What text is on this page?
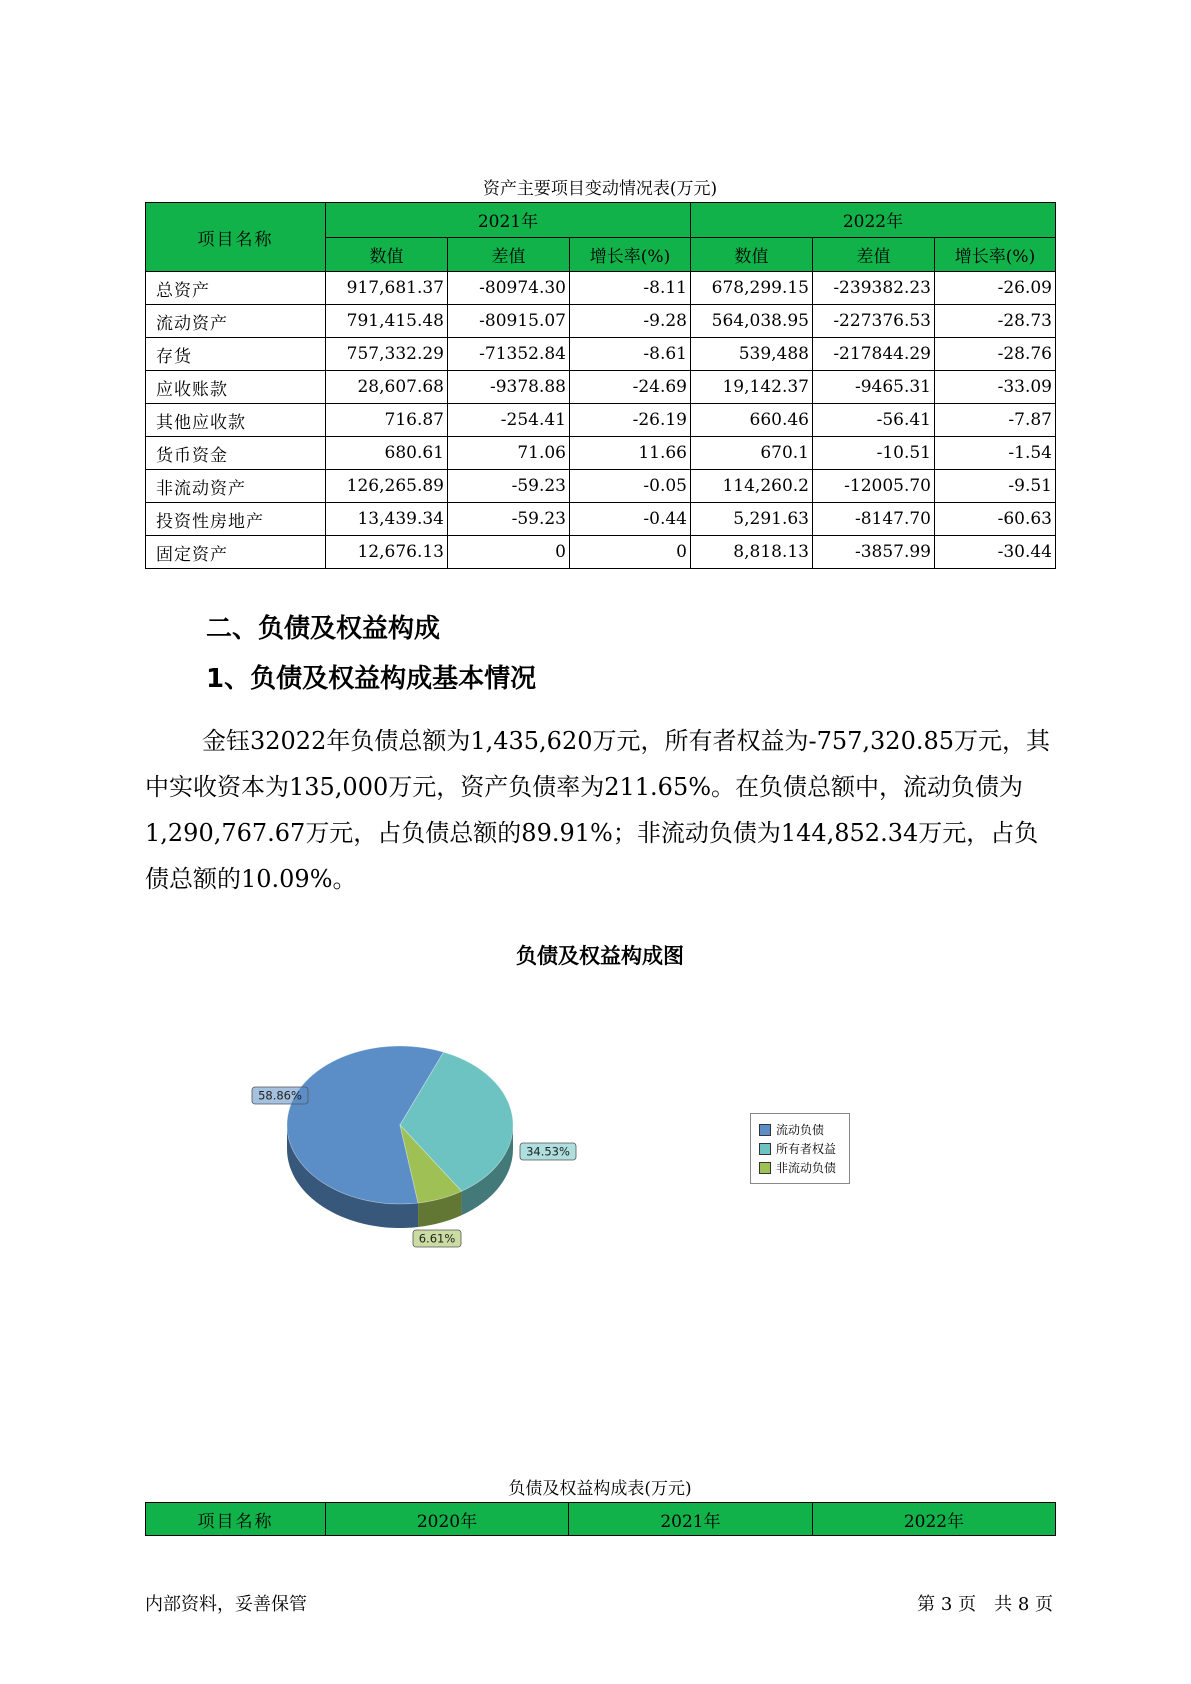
资产主要项目变动情况表(万元)
项目名称	2021年			2022年		
	数值	差值	增长率(%)	数值	差值	增长率(%)
总资产	917,681.37	-80974.30	-8.11	678,299.15	-239382.23	-26.09
流动资产	791,415.48	-80915.07	-9.28	564,038.95	-227376.53	-28.73
存货	757,332.29	-71352.84	-8.61	539,488	-217844.29	-28.76
应收账款	28,607.68	-9378.88	-24.69	19,142.37	-9465.31	-33.09
其他应收款	716.87	-254.41	-26.19	660.46	-56.41	-7.87
货币资金	680.61	71.06	11.66	670.1	-10.51	-1.54
非流动资产	126,265.89	-59.23	-0.05	114,260.2	-12005.70	-9.51
投资性房地产	13,439.34	-59.23	-0.44	5,291.63	-8147.70	-60.63
固定资产	12,676.13	0	0	8,818.13	-3857.99	-30.44
二、负债及权益构成
1、负债及权益构成基本情况

金钰32022年负债总额为1,435,620万元，所有者权益为-757,320.85万元，其中实收资本为135,000万元，资产负债率为211.65%。在负债总额中，流动负债为1,290,767.67万元，占负债总额的89.91%；非流动负债为144,852.34万元，占负债总额的10.09%。

负债及权益构成图
58.86%
34.53%
6.61%
流动负债
所有者权益
非流动负债
负债及权益构成表(万元)
项目名称	2020年	2021年	2022年
内部资料，妥善保管	第 3 页　共 8 页
